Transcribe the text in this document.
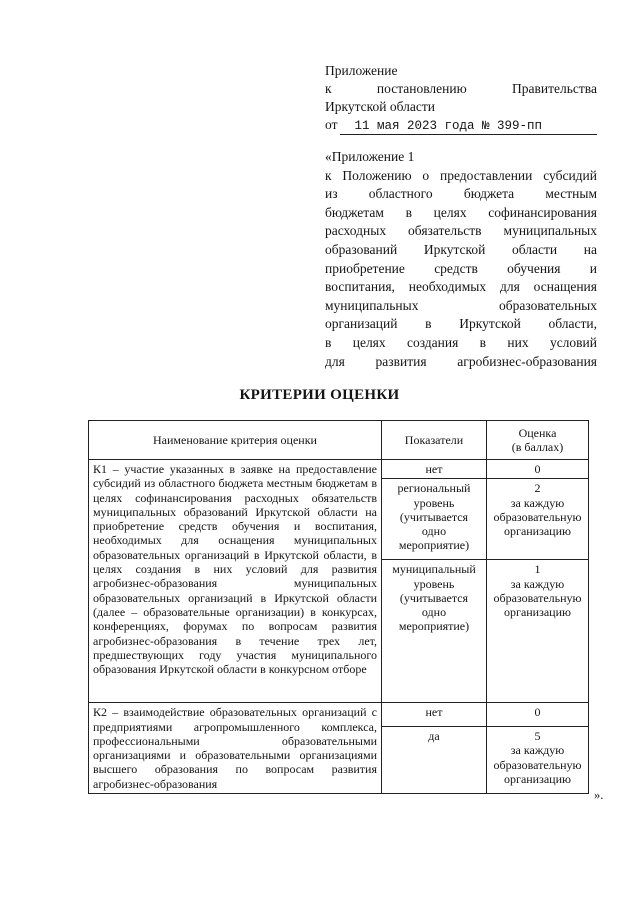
Приложение
к постановлению Правительства
Иркутской области
от	11 мая 2023 года № 399-пп
«Приложение 1
к Положению о предоставлении субсидий
из областного бюджета местным
бюджетам в целях софинансирования
расходных обязательств муниципальных
образований Иркутской области на
приобретение средств обучения и
воспитания, необходимых для оснащения
муниципальных образовательных
организаций в Иркутской области,
в целях создания в них условий
для развития агробизнес-образования
КРИТЕРИИ ОЦЕНКИ
Наименование критерия оценки	Показатели	Оценка
(в баллах)

К1 – участие указанных в заявке на предоставление субсидий из областного бюджета местным бюджетам в целях софинансирования расходных обязательств муниципальных образований Иркутской области на приобретение средств обучения и воспитания, необходимых для оснащения муниципальных образовательных организаций в Иркутской области, в целях создания в них условий для развития агробизнес-образования муниципальных образовательных организаций в Иркутской области (далее – образовательные организации) в конкурсах, конференциях, форумах по вопросам развития агробизнес-образования в течение трех лет, предшествующих году участия муниципального образования Иркутской области в конкурсном отборе	нет	0

	региональный
уровень
(учитывается
одно
мероприятие)	2
за каждую
образовательную
организацию

	муниципальный
уровень
(учитывается
одно
мероприятие)	1
за каждую
образовательную
организацию

К2 – взаимодействие образовательных организаций с предприятиями агропромышленного комплекса, профессиональными образовательными организациями и образовательными организациями высшего образования по вопросам развития агробизнес-образования	нет	0

	да	5
за каждую
образовательную
организацию
».
